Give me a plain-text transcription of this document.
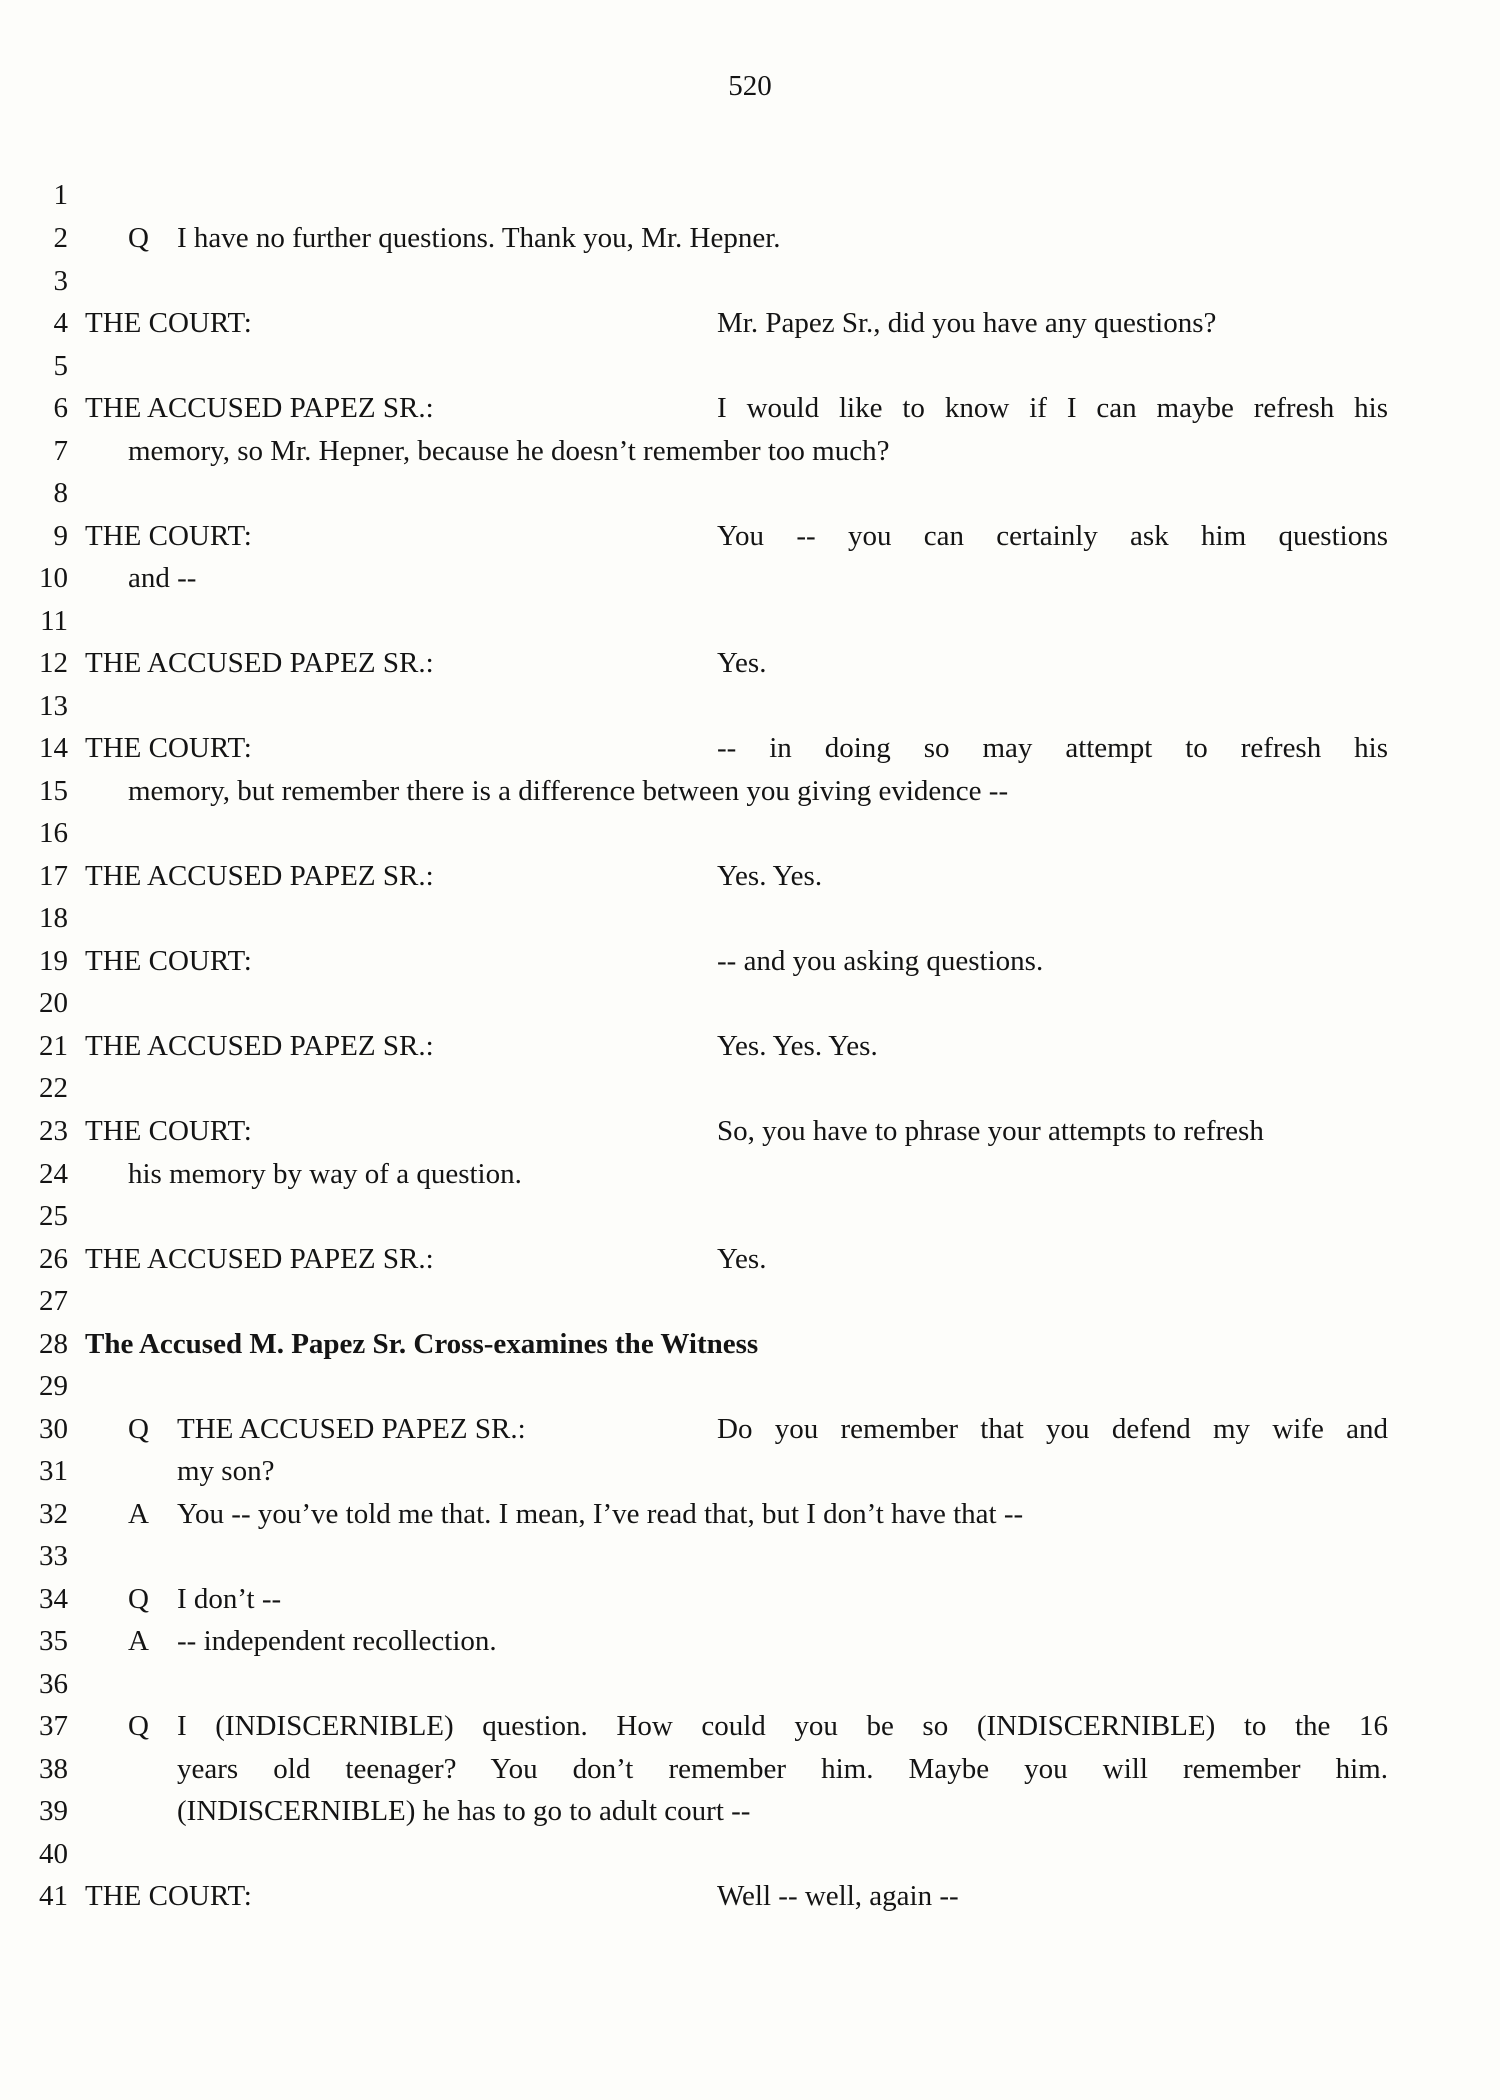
520
1
2 Q I have no further questions. Thank you, Mr. Hepner.
3
4 THE COURT:	Mr. Papez Sr., did you have any questions?
5
6 THE ACCUSED PAPEZ SR.:	I would like to know if I can maybe refresh his
7 memory, so Mr. Hepner, because he doesn’t remember too much?
8
9 THE COURT:	You -- you can certainly ask him questions
10 and --
11
12 THE ACCUSED PAPEZ SR.:	Yes.
13
14 THE COURT:	-- in doing so may attempt to refresh his
15 memory, but remember there is a difference between you giving evidence --
16
17 THE ACCUSED PAPEZ SR.:	Yes. Yes.
18
19 THE COURT:	-- and you asking questions.
20
21 THE ACCUSED PAPEZ SR.:	Yes. Yes. Yes.
22
23 THE COURT:	So, you have to phrase your attempts to refresh
24 his memory by way of a question.
25
26 THE ACCUSED PAPEZ SR.:	Yes.
27
28 The Accused M. Papez Sr. Cross-examines the Witness
29
30 Q THE ACCUSED PAPEZ SR.:	Do you remember that you defend my wife and
31	my son?
32 A You -- you’ve told me that. I mean, I’ve read that, but I don’t have that --
33
34 Q I don’t --
35 A -- independent recollection.
36
37 Q I (INDISCERNIBLE) question. How could you be so (INDISCERNIBLE) to the 16
38	years old teenager? You don’t remember him. Maybe you will remember him.
39	(INDISCERNIBLE) he has to go to adult court --
40
41 THE COURT:	Well -- well, again --
